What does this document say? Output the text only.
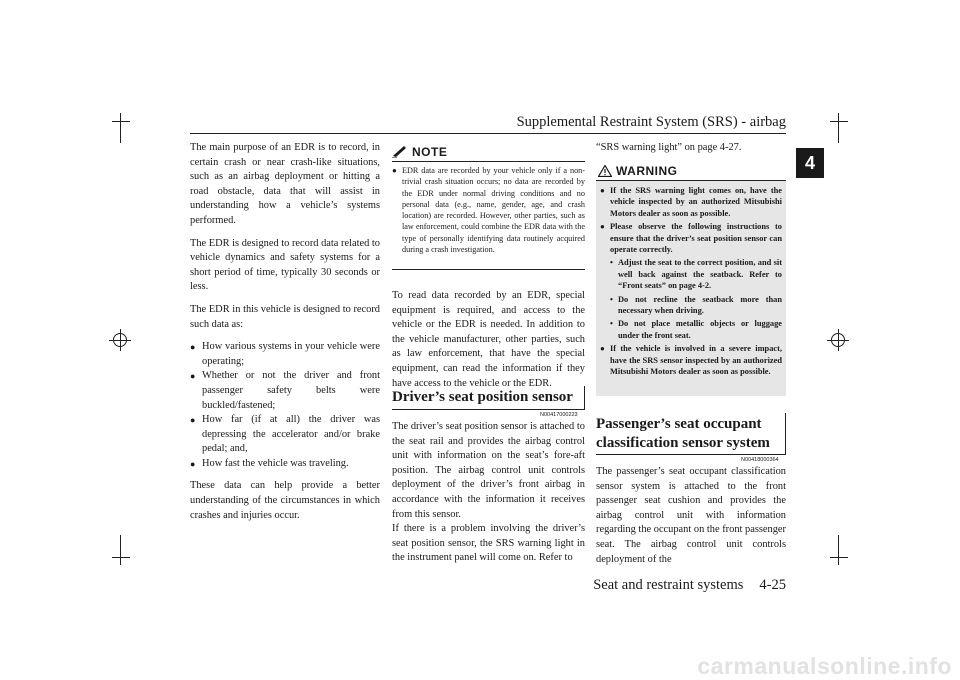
Supplemental Restraint System (SRS) - airbag
4

The main purpose of an EDR is to record, in certain crash or near crash-like situations, such as an airbag deployment or hitting a road obstacle, data that will assist in understanding how a vehicle’s systems performed.

The EDR is designed to record data related to vehicle dynamics and safety systems for a short period of time, typically 30 seconds or less.

The EDR in this vehicle is designed to record such data as:

● How various systems in your vehicle were operating;
● Whether or not the driver and front passenger safety belts were buckled/fastened;
● How far (if at all) the driver was depressing the accelerator and/or brake pedal; and,
● How fast the vehicle was traveling.

These data can help provide a better understanding of the circumstances in which crashes and injuries occur.

NOTE
● EDR data are recorded by your vehicle only if a non-trivial crash situation occurs; no data are recorded by the EDR under normal driving conditions and no personal data (e.g., name, gender, age, and crash location) are recorded. However, other parties, such as law enforcement, could combine the EDR data with the type of personally identifying data routinely acquired during a crash investigation.

To read data recorded by an EDR, special equipment is required, and access to the vehicle or the EDR is needed. In addition to the vehicle manufacturer, other parties, such as law enforcement, that have the special equipment, can read the information if they have access to the vehicle or the EDR.

Driver’s seat position sensor
N00417000223

The driver’s seat position sensor is attached to the seat rail and provides the airbag control unit with information on the seat’s fore-aft position. The airbag control unit controls deployment of the driver’s front airbag in accordance with the information it receives from this sensor.

If there is a problem involving the driver’s seat position sensor, the SRS warning light in the instrument panel will come on. Refer to

“SRS warning light” on page 4-27.

WARNING
● If the SRS warning light comes on, have the vehicle inspected by an authorized Mitsubishi Motors dealer as soon as possible.
● Please observe the following instructions to ensure that the driver’s seat position sensor can operate correctly.
• Adjust the seat to the correct position, and sit well back against the seatback. Refer to “Front seats” on page 4-2.
• Do not recline the seatback more than necessary when driving.
• Do not place metallic objects or luggage under the front seat.
● If the vehicle is involved in a severe impact, have the SRS sensor inspected by an authorized Mitsubishi Motors dealer as soon as possible.
Passenger’s seat occupant classification sensor system
N00418000364

The passenger’s seat occupant classification sensor system is attached to the front passenger seat cushion and provides the airbag control unit with information regarding the occupant on the front passenger seat. The airbag control unit controls deployment of the

Seat and restraint systems 4-25
carmanualsonline.info
